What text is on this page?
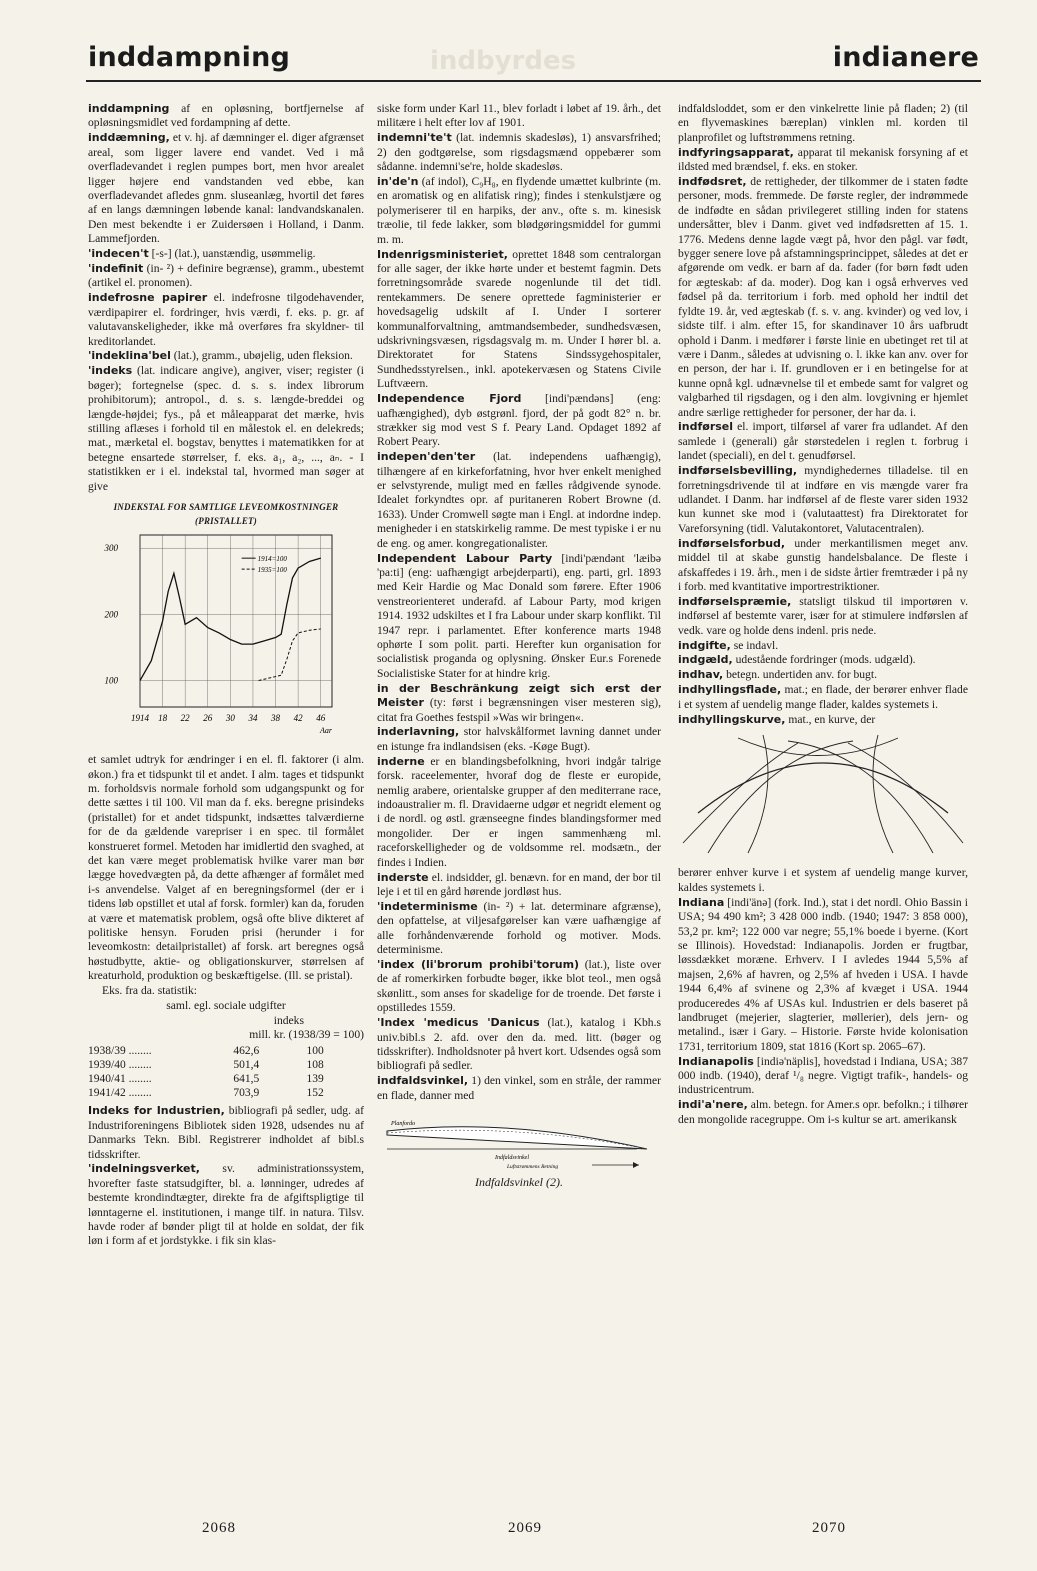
indbyrdes
inddampning	indianere

inddampning af en opløsning, bortfjernelse af opløsningsmidlet ved fordampning af dette.

inddæmning, et v. hj. af dæmninger el. diger afgrænset areal, som ligger lavere end vandet. Ved i må overfladevandet i reglen pumpes bort, men hvor arealet ligger højere end vandstanden ved ebbe, kan overfladevandet afledes gnm. sluseanlæg, hvortil det føres af en langs dæmningen løbende kanal: landvandskanalen. Den mest bekendte i er Zuidersøen i Holland, i Danm. Lammefjorden.

'indecen't [-s-] (lat.), uanstændig, usømmelig.

'indefinit (in- ²) + definire begrænse), gramm., ubestemt (artikel el. pronomen).

indefrosne papirer el. indefrosne tilgodehavender, værdipapirer el. fordringer, hvis værdi, f. eks. p. gr. af valutavanskeligheder, ikke må overføres fra skyldner- til kreditorlandet.

'indeklina'bel (lat.), gramm., ubøjelig, uden fleksion.

'indeks (lat. indicare angive), angiver, viser; register (i bøger); fortegnelse (spec. d. s. s. index librorum prohibitorum); antropol., d. s. s. længde-breddei og længde-højdei; fys., på et måleapparat det mærke, hvis stilling aflæses i forhold til en målestok el. en delekreds; mat., mærketal el. bogstav, benyttes i matematikken for at betegne ensartede størrelser, f. eks. a₁, a₂, ..., aₙ. - I statistikken er i el. indekstal tal, hvormed man søger at give

INDEKSTAL FOR SAMTLIGE LEVEOMKOSTNINGER (PRISTALLET)
1914 18 22 26 30 34 38 42 46
100
200
300
Aar
1914=100
1935=100

et samlet udtryk for ændringer i en el. fl. faktorer (i alm. økon.) fra et tidspunkt til et andet. I alm. tages et tidspunkt m. forholdsvis normale forhold som udgangspunkt og for dette sættes i til 100. Vil man da f. eks. beregne prisindeks (pristallet) for et andet tidspunkt, indsættes talværdierne for de da gældende varepriser i en spec. til formålet konstrueret formel. Metoden har imidlertid den svaghed, at det kan være meget problematisk hvilke varer man bør lægge hovedvægten på, da dette afhænger af formålet med i-s anvendelse. Valget af en beregningsformel (der er i tidens løb opstillet et utal af forsk. formler) kan da, foruden at være et matematisk problem, også ofte blive dikteret af politiske hensyn. Foruden prisi (herunder i for leveomkostn: detailpristallet) af forsk. art beregnes også høstudbytte, aktie- og obligationskurver, størrelsen af kreaturhold, produktion og beskæftigelse. (Ill. se pristal).

Eks. fra da. statistik:

saml. egl. sociale udgifter
indeks
mill. kr. (1938/39 = 100)
1938/39 ........	462,6	100
1939/40 ........	501,4	108
1940/41 ........	641,5	139
1941/42 ........	703,9	152

Indeks for Industrien, bibliografi på sedler, udg. af Industriforeningens Bibliotek siden 1928, udsendes nu af Danmarks Tekn. Bibl. Registrerer indholdet af bibl.s tidsskrifter.

'indelningsverket, sv. administrationssystem, hvorefter faste statsudgifter, bl. a. lønninger, udredes af bestemte krondindtægter, direkte fra de afgiftspligtige til lønntagerne el. institutionen, i mange tilf. in natura. Tilsv. havde roder af bønder pligt til at holde en soldat, der fik løn i form af et jordstykke. i fik sin klas-

siske form under Karl 11., blev forladt i løbet af 19. årh., det militære i helt efter lov af 1901.

indemni'te't (lat. indemnis skadesløs), 1) ansvarsfrihed; 2) den godtgørelse, som rigsdagsmænd oppebærer som sådanne. indemni'se're, holde skadesløs.

in'de'n (af indol), C₉H₈, en flydende umættet kulbrinte (m. en aromatisk og en alifatisk ring); findes i stenkulstjære og polymeriserer til en harpiks, der anv., ofte s. m. kinesisk træolie, til fede lakker, som blødgøringsmiddel for gummi m. m.

Indenrigsministeriet, oprettet 1848 som centralorgan for alle sager, der ikke hørte under et bestemt fagmin. Dets forretningsområde svarede nogenlunde til det tidl. rentekammers. De senere oprettede fagministerier er hovedsagelig udskilt af I. Under I sorterer kommunalforvaltning, amtmandsembeder, sundhedsvæsen, udskrivningsvæsen, rigsdagsvalg m. m. Under I hører bl. a. Direktoratet for Statens Sindssygehospitaler, Sundhedsstyrelsen., inkl. apotekervæsen og Statens Civile Luftvæern.

Independence Fjord [indi'pændəns] (eng: uafhængighed), dyb østgrønl. fjord, der på godt 82° n. br. strækker sig mod vest S f. Peary Land. Opdaget 1892 af Robert Peary.

indepen'den'ter (lat. independens uafhængig), tilhængere af en kirkeforfatning, hvor hver enkelt menighed er selvstyrende, muligt med en fælles rådgivende synode. Idealet forkyndtes opr. af puritaneren Robert Browne (d. 1633). Under Cromwell søgte man i Engl. at indordne indep. menigheder i en statskirkelig ramme. De mest typiske i er nu de eng. og amer. kongregationalister.

Independent Labour Party [indi'pændənt 'læibə 'pa:ti] (eng: uafhængigt arbejderparti), eng. parti, grl. 1893 med Keir Hardie og Mac Donald som førere. Efter 1906 venstreorienteret underafd. af Labour Party, mod krigen 1914. 1932 udskiltes et I fra Labour under skarp konflikt. Til 1947 repr. i parlamentet. Efter konference marts 1948 ophørte I som polit. parti. Herefter kun organisation for socialistisk proganda og oplysning. Ønsker Eur.s Forenede Socialistiske Stater for at hindre krig.

in der Beschränkung zeigt sich erst der Meister (ty: først i begrænsningen viser mesteren sig), citat fra Goethes festspil »Was wir bringen«.

inderlavning, stor halvskålformet lavning dannet under en istunge fra indlandsisen (eks. -Køge Bugt).

inderne er en blandingsbefolkning, hvori indgår talrige forsk. raceelementer, hvoraf dog de fleste er europide, nemlig arabere, orientalske grupper af den mediterrane race, indoaustralier m. fl. Dravidaerne udgør et negridt element og i de nordl. og østl. grænseegne findes blandingsformer med mongolider. Der er ingen sammenhæng ml. raceforskelligheder og de voldsomme rel. modsætn., der findes i Indien.

inderste el. indsidder, gl. benævn. for en mand, der bor til leje i et til en gård hørende jordløst hus.

'indeterminisme (in- ²) + lat. determinare afgrænse), den opfattelse, at viljesafgørelser kan være uafhængige af alle forhåndenværende forhold og motiver. Mods. determinisme.

'index (li'brorum prohibi'torum) (lat.), liste over de af romerkirken forbudte bøger, ikke blot teol., men også skønlitt., som anses for skadelige for de troende. Det første i opstilledes 1559.

'Index 'medicus 'Danicus (lat.), katalog i Kbh.s univ.bibl.s 2. afd. over den da. med. litt. (bøger og tidsskrifter). Indholdsnoter på hvert kort. Udsendes også som bibliografi på sedler.

indfaldsvinkel, 1) den vinkel, som en stråle, der rammer en flade, danner med

Planfordo
Indfaldsvinkel
Luftstrømmens Retning
Indfaldsvinkel (2).

indfaldsloddet, som er den vinkelrette linie på fladen; 2) (til en flyvemaskines bæreplan) vinklen ml. korden til planprofilet og luftstrømmens retning.

indfyringsapparat, apparat til mekanisk forsyning af et ildsted med brændsel, f. eks. en stoker.

indfødsret, de rettigheder, der tilkommer de i staten fødte personer, mods. fremmede. De første regler, der indrømmede de indfødte en sådan privilegeret stilling inden for statens undersåtter, blev i Danm. givet ved indfødsretten af 15. 1. 1776. Medens denne lagde vægt på, hvor den pågl. var født, bygger senere love på afstamningsprincippet, således at det er afgørende om vedk. er barn af da. fader (for børn født uden for ægteskab: af da. moder). Dog kan i også erhverves ved fødsel på da. territorium i forb. med ophold her indtil det fyldte 19. år, ved ægteskab (f. s. v. ang. kvinder) og ved lov, i sidste tilf. i alm. efter 15, for skandinaver 10 års uafbrudt ophold i Danm. i medfører i første linie en ubetinget ret til at være i Danm., således at udvisning o. l. ikke kan anv. over for en person, der har i. If. grundloven er i en betingelse for at kunne opnå kgl. udnævnelse til et embede samt for valgret og valgbarhed til rigsdagen, og i den alm. lovgivning er hjemlet andre særlige rettigheder for personer, der har da. i.

indførsel el. import, tilførsel af varer fra udlandet. Af den samlede i (generali) går størstedelen i reglen t. forbrug i landet (speciali), en del t. genudførsel.

indførselsbevilling, myndighedernes tilladelse. til en forretningsdrivende til at indføre en vis mængde varer fra udlandet. I Danm. har indførsel af de fleste varer siden 1932 kun kunnet ske mod i (valutaattest) fra Direktoratet for Vareforsyning (tidl. Valutakontoret, Valutacentralen).

indførselsforbud, under merkantilismen meget anv. middel til at skabe gunstig handelsbalance. De fleste i afskaffedes i 19. årh., men i de sidste årtier fremtræder i på ny i forb. med kvantitative importrestriktioner.

indførselspræmie, statsligt tilskud til importøren v. indførsel af bestemte varer, især for at stimulere indførslen af vedk. vare og holde dens indenl. pris nede.

indgifte, se indavl.

indgæld, udestående fordringer (mods. udgæld).

indhav, betegn. undertiden anv. for bugt.

indhyllingsflade, mat.; en flade, der berører enhver flade i et system af uendelig mange flader, kaldes systemets i.

indhyllingskurve, mat., en kurve, der

berører enhver kurve i et system af uendelig mange kurver, kaldes systemets i.

Indiana [indi'änə] (fork. Ind.), stat i det nordl. Ohio Bassin i USA; 94 490 km²; 3 428 000 indb. (1940; 1947: 3 858 000), 53,2 pr. km²; 122 000 var negre; 55,1% boede i byerne. (Kort se Illinois). Hovedstad: Indianapolis. Jorden er frugtbar, løssdækket moræne. Erhverv. I I avledes 1944 5,5% af majsen, 2,6% af havren, og 2,5% af hveden i USA. I havde 1944 6,4% af svinene og 2,3% af kvæget i USA. 1944 produceredes 4% af USAs kul. Industrien er dels baseret på landbruget (mejerier, slagterier, møllerier), dels jern- og metalind., især i Gary. – Historie. Første hvide kolonisation 1731, territorium 1809, stat 1816 (Kort sp. 2065–67).

Indianapolis [indiə'näplis], hovedstad i Indiana, USA; 387 000 indb. (1940), deraf ¹/₈ negre. Vigtigt trafik-, handels- og industricentrum.

indi'a'nere, alm. betegn. for Amer.s opr. befolkn.; i tilhører den mongolide racegruppe. Om i-s kultur se art. amerikansk

2068	2069	2070
